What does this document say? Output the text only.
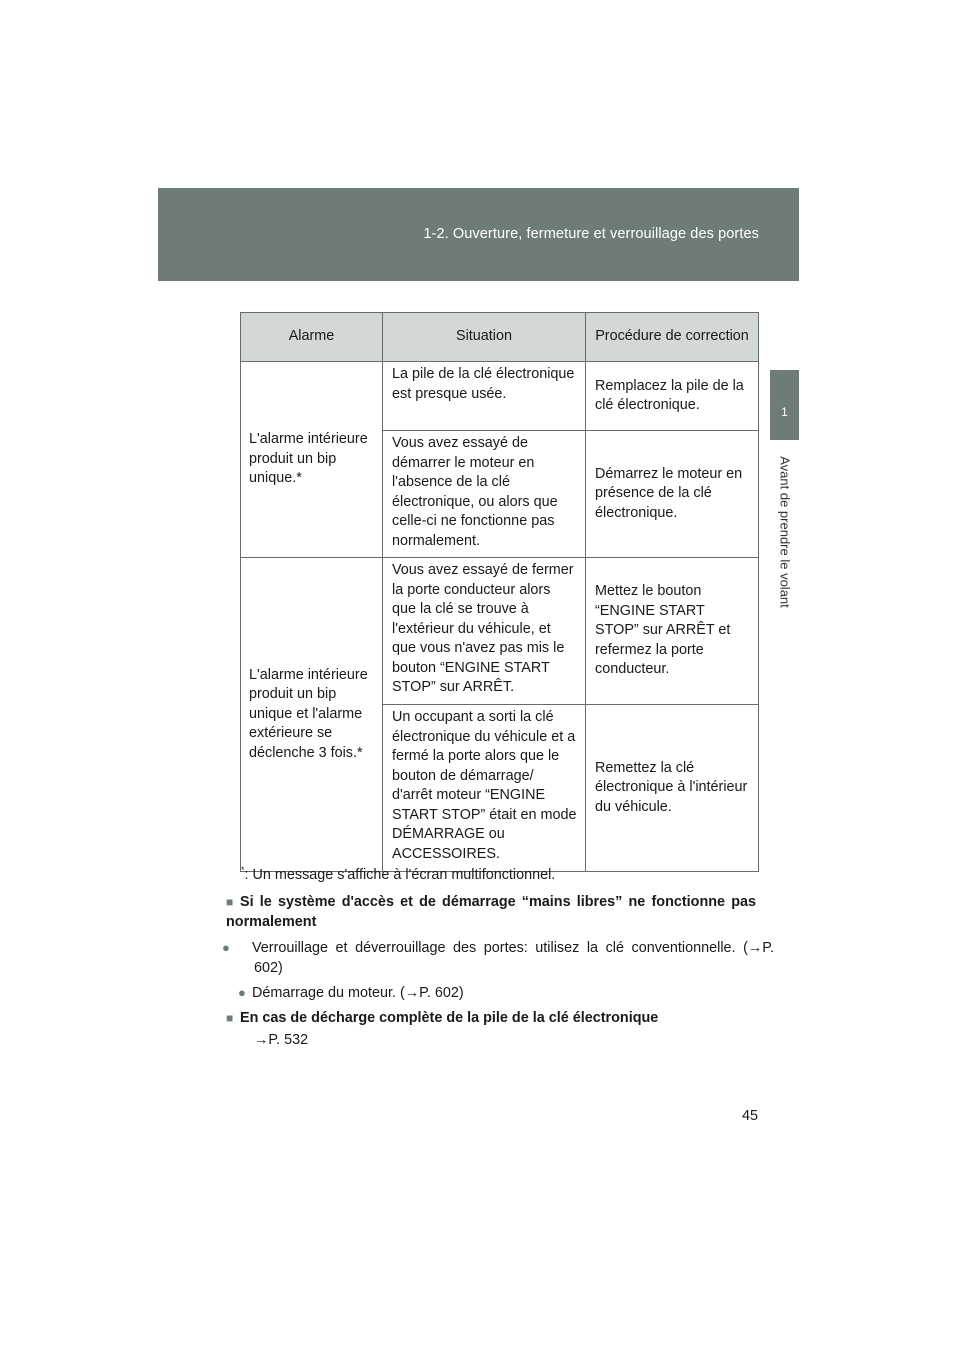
1-2. Ouverture, fermeture et verrouillage des portes
1
Avant de prendre le volant
Alarme	Situation	Procédure de correction
L'alarme intérieure produit un bip unique.*	La pile de la clé électronique est presque usée.	Remplacez la pile de la clé électronique.
	Vous avez essayé de démarrer le moteur en l'absence de la clé électronique, ou alors que celle-ci ne fonctionne pas normalement.	Démarrez le moteur en présence de la clé électronique.
L'alarme intérieure produit un bip unique et l'alarme extérieure se déclenche 3 fois.*	Vous avez essayé de fermer la porte conducteur alors que la clé se trouve à l'extérieur du véhicule, et que vous n'avez pas mis le bouton “ENGINE START STOP” sur ARRÊT.	Mettez le bouton “ENGINE START STOP” sur ARRÊT et refermez la porte conducteur.
	Un occupant a sorti la clé électronique du véhicule et a fermé la porte alors que le bouton de démarrage/ d'arrêt moteur “ENGINE START STOP” était en mode DÉMARRAGE ou ACCESSOIRES.	Remettez la clé électronique à l'intérieur du véhicule.
*: Un message s'affiche à l'écran multifonctionnel.
■ Si le système d'accès et de démarrage “mains libres” ne fonctionne pas normalement
● Verrouillage et déverrouillage des portes: utilisez la clé conventionnelle. (→P. 602)
● Démarrage du moteur. (→P. 602)
■ En cas de décharge complète de la pile de la clé électronique
→P. 532
45
